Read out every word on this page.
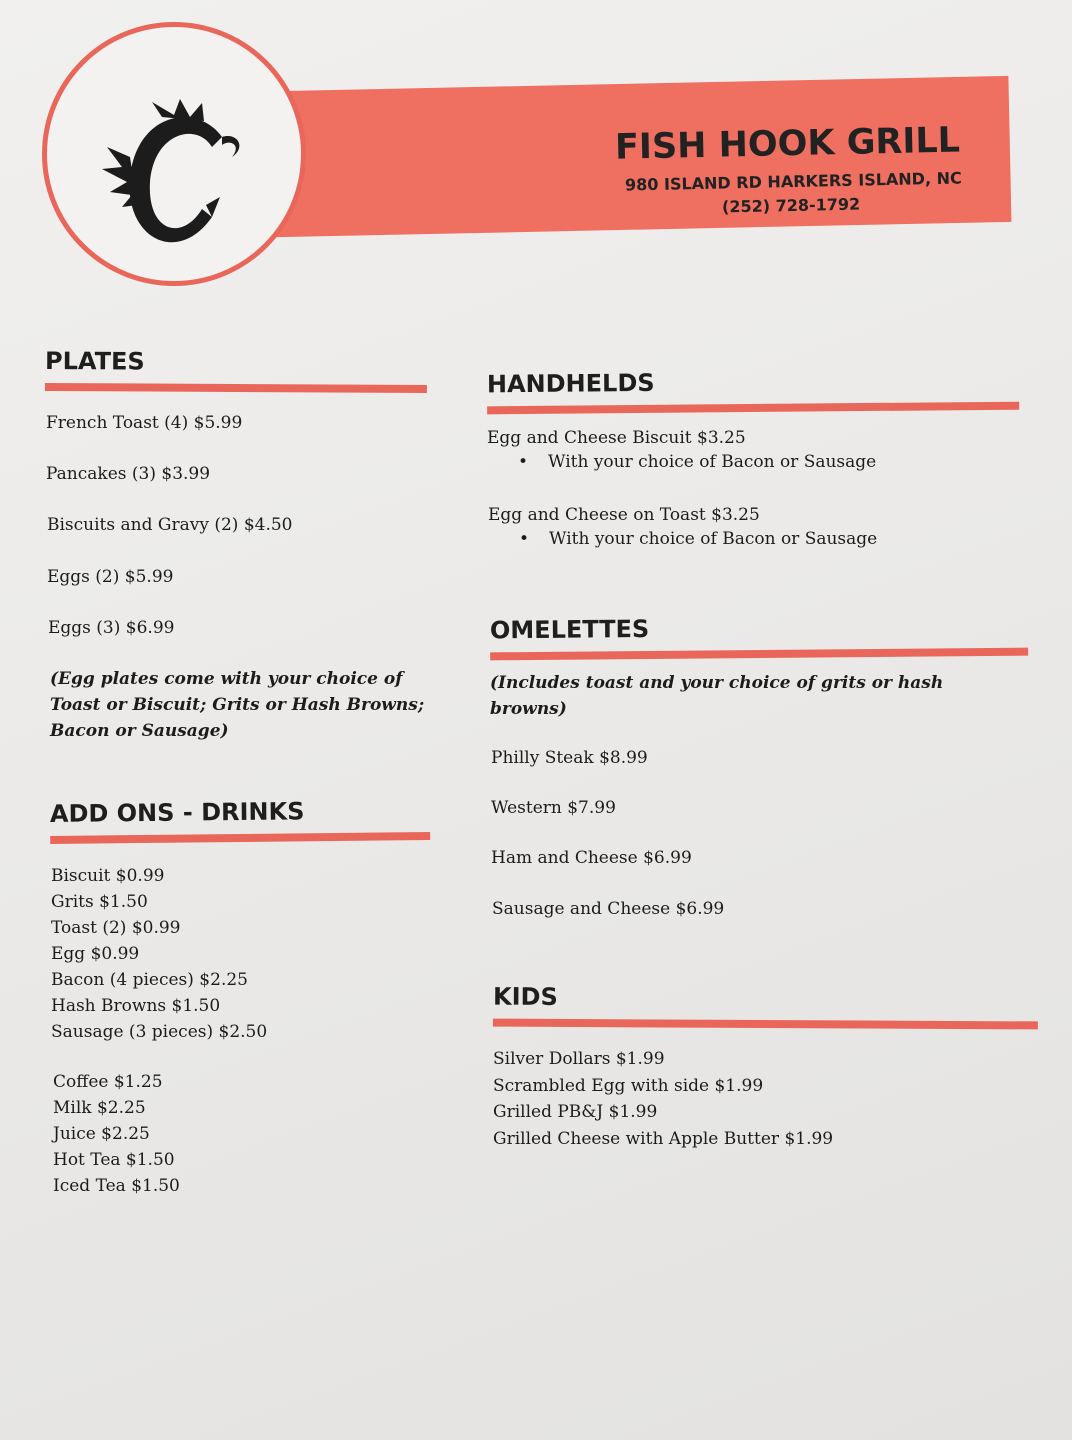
FISH HOOK GRILL
980 ISLAND RD HARKERS ISLAND, NC
(252) 728-1792
PLATES
French Toast (4) $5.99
Pancakes (3) $3.99
Biscuits and Gravy (2) $4.50
Eggs (2) $5.99
Eggs (3) $6.99
(Egg plates come with your choice of Toast or Biscuit; Grits or Hash Browns; Bacon or Sausage)
ADD ONS - DRINKS
Biscuit $0.99
Grits $1.50
Toast (2) $0.99
Egg $0.99
Bacon (4 pieces) $2.25
Hash Browns $1.50
Sausage (3 pieces) $2.50
Coffee $1.25
Milk $2.25
Juice $2.25
Hot Tea $1.50
Iced Tea $1.50
HANDHELDS
Egg and Cheese Biscuit $3.25
• With your choice of Bacon or Sausage
Egg and Cheese on Toast $3.25
• With your choice of Bacon or Sausage
OMELETTES
(Includes toast and your choice of grits or hash browns)
Philly Steak $8.99
Western $7.99
Ham and Cheese $6.99
Sausage and Cheese $6.99
KIDS
Silver Dollars $1.99
Scrambled Egg with side $1.99
Grilled PB&J $1.99
Grilled Cheese with Apple Butter $1.99
